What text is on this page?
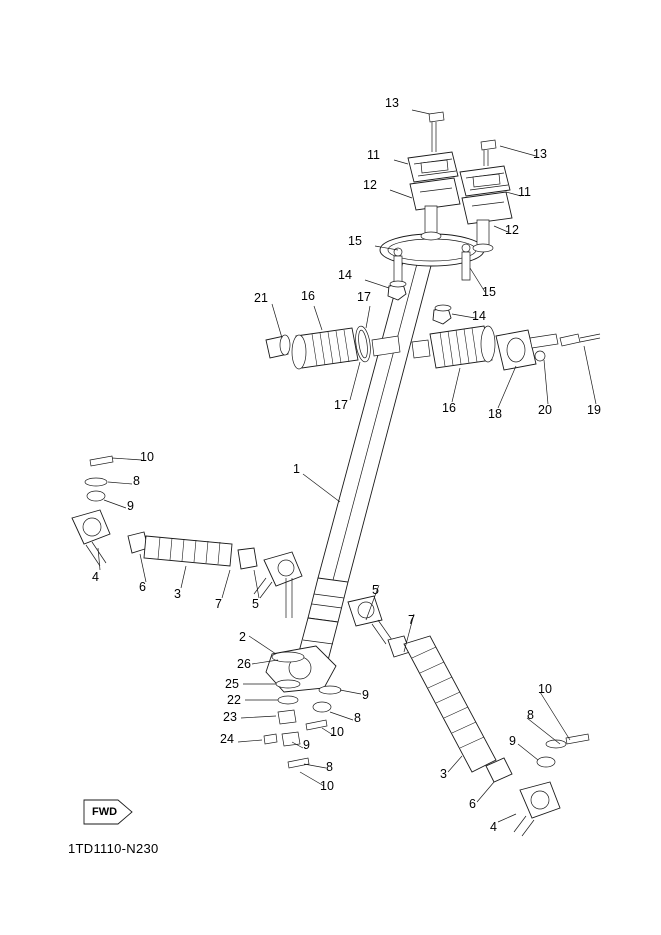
13
13
11
11
12
12
15
15
14
14
21	16	17
17	16	18	20	19
10
8
9
1
4
6 3
7 5
5
7
2
26
25
22
23
24
9
8
10
9
8
10
10
8
9
3
6
4
FWD
1TD1110-N230
